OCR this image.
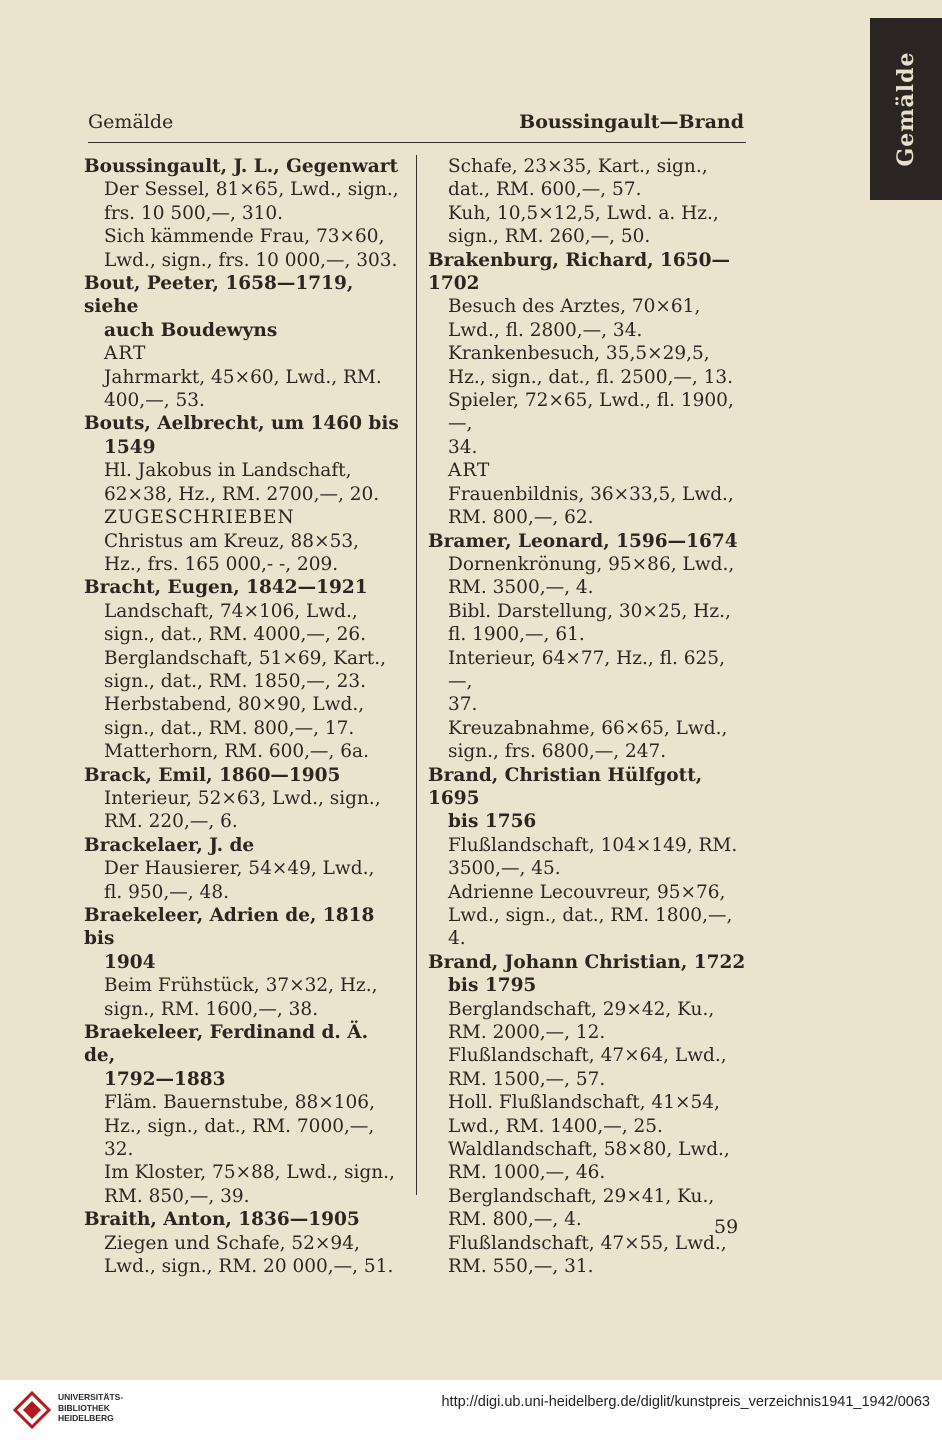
Gemälde
Gemälde	Boussingault—Brand
Boussingault, J. L., Gegenwart
Der Sessel, 81×65, Lwd., sign.,
frs. 10 500,—, 310.
Sich kämmende Frau, 73×60,
Lwd., sign., frs. 10 000,—, 303.
Bout, Peeter, 1658—1719, siehe
auch Boudewyns
ART
Jahrmarkt, 45×60, Lwd., RM.
400,—, 53.
Bouts, Aelbrecht, um 1460 bis
1549
Hl. Jakobus in Landschaft,
62×38, Hz., RM. 2700,—, 20.
ZUGESCHRIEBEN
Christus am Kreuz, 88×53,
Hz., frs. 165 000,- -, 209.
Bracht, Eugen, 1842—1921
Landschaft, 74×106, Lwd.,
sign., dat., RM. 4000,—, 26.
Berglandschaft, 51×69, Kart.,
sign., dat., RM. 1850,—, 23.
Herbstabend, 80×90, Lwd.,
sign., dat., RM. 800,—, 17.
Matterhorn, RM. 600,—, 6a.
Brack, Emil, 1860—1905
Interieur, 52×63, Lwd., sign.,
RM. 220,—, 6.
Brackelaer, J. de
Der Hausierer, 54×49, Lwd.,
fl. 950,—, 48.
Braekeleer, Adrien de, 1818 bis
1904
Beim Frühstück, 37×32, Hz.,
sign., RM. 1600,—, 38.
Braekeleer, Ferdinand d. Ä. de,
1792—1883
Fläm. Bauernstube, 88×106,
Hz., sign., dat., RM. 7000,—, 32.
Im Kloster, 75×88, Lwd., sign.,
RM. 850,—, 39.
Braith, Anton, 1836—1905
Ziegen und Schafe, 52×94,
Lwd., sign., RM. 20 000,—, 51.
Schafe, 23×35, Kart., sign.,
dat., RM. 600,—, 57.
Kuh, 10,5×12,5, Lwd. a. Hz.,
sign., RM. 260,—, 50.
Brakenburg, Richard, 1650—1702
Besuch des Arztes, 70×61,
Lwd., fl. 2800,—, 34.
Krankenbesuch, 35,5×29,5,
Hz., sign., dat., fl. 2500,—, 13.
Spieler, 72×65, Lwd., fl. 1900,—,
34.
ART
Frauenbildnis, 36×33,5, Lwd.,
RM. 800,—, 62.
Bramer, Leonard, 1596—1674
Dornenkrönung, 95×86, Lwd.,
RM. 3500,—, 4.
Bibl. Darstellung, 30×25, Hz.,
fl. 1900,—, 61.
Interieur, 64×77, Hz., fl. 625,—,
37.
Kreuzabnahme, 66×65, Lwd.,
sign., frs. 6800,—, 247.
Brand, Christian Hülfgott, 1695
bis 1756
Flußlandschaft, 104×149, RM.
3500,—, 45.
Adrienne Lecouvreur, 95×76,
Lwd., sign., dat., RM. 1800,—, 4.
Brand, Johann Christian, 1722
bis 1795
Berglandschaft, 29×42, Ku.,
RM. 2000,—, 12.
Flußlandschaft, 47×64, Lwd.,
RM. 1500,—, 57.
Holl. Flußlandschaft, 41×54,
Lwd., RM. 1400,—, 25.
Waldlandschaft, 58×80, Lwd.,
RM. 1000,—, 46.
Berglandschaft, 29×41, Ku.,
RM. 800,—, 4.
Flußlandschaft, 47×55, Lwd.,
RM. 550,—, 31.
59
UNIVERSITÄTS-
BIBLIOTHEK
HEIDELBERG
http://digi.ub.uni-heidelberg.de/diglit/kunstpreis_verzeichnis1941_1942/0063
